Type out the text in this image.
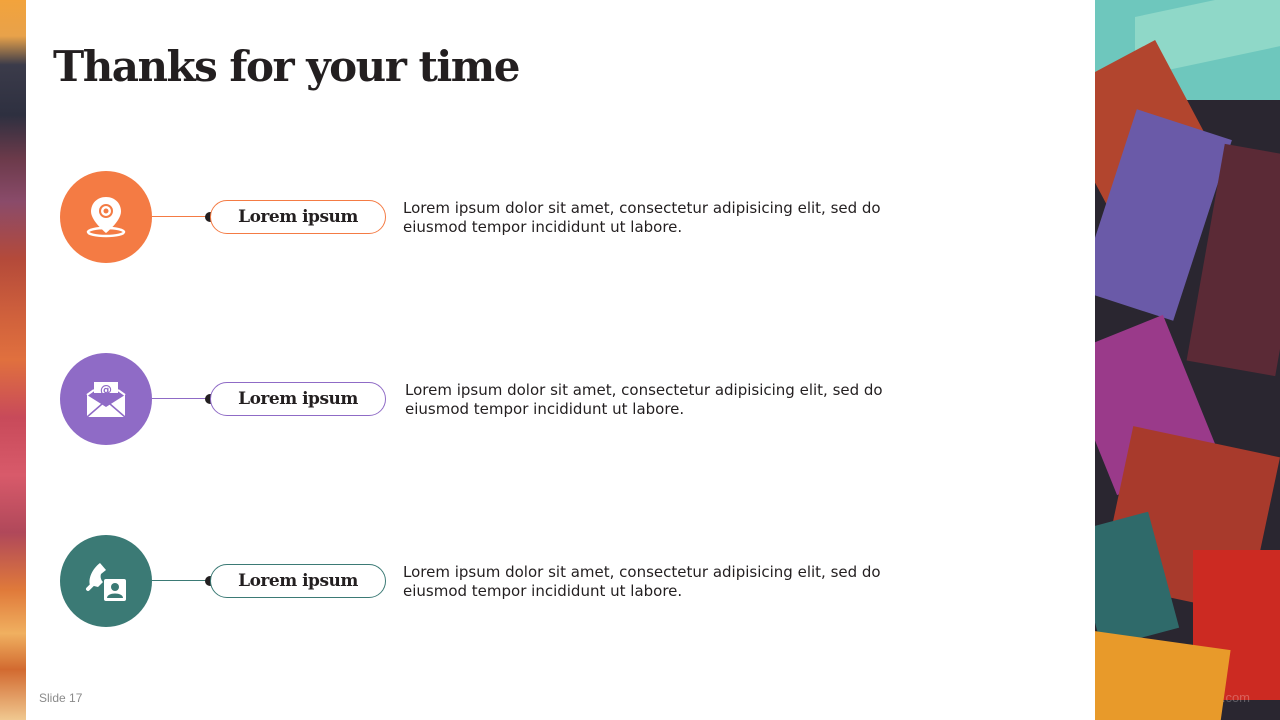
Thanks for your time
Lorem ipsum	Lorem ipsum dolor sit amet, consectetur adipisicing elit, sed do eiusmod tempor incididunt ut labore.

@	Lorem ipsum	Lorem ipsum dolor sit amet, consectetur adipisicing elit, sed do eiusmod tempor incididunt ut labore.

Lorem ipsum	Lorem ipsum dolor sit amet, consectetur adipisicing elit, sed do eiusmod tempor incididunt ut labore.

Slide 17	.com
